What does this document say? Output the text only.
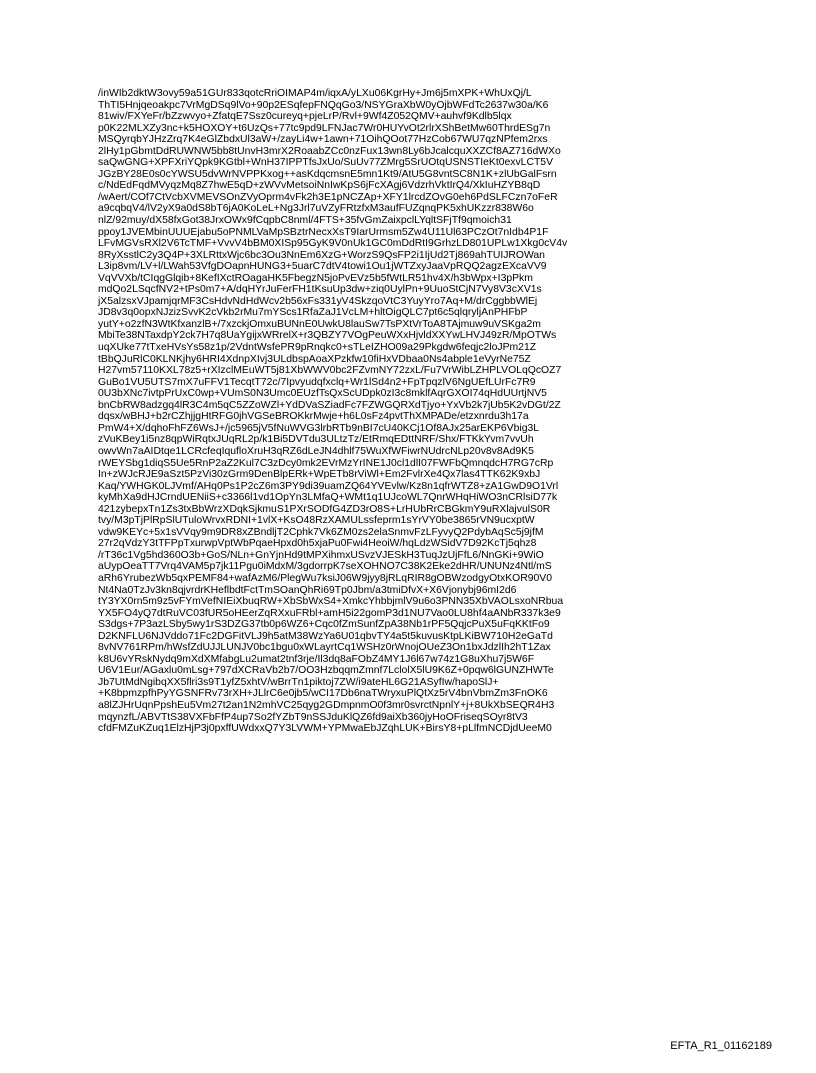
/inWIb2dktW3ovy59a51GUr833qotcRriOIMAP4m/iqxA/yLXu06KgrHy+Jm6j5mXPK+WhUxQj/L
ThTI5Hnjqeoakpc7VrMgDSq9lVo+90p2ESqfepFNQqGo3/NSYGraXbW0yOjbWFdTc2637w30a/K6
81wiv/FXYeFr/bZzwvyo+ZfatqE7Ssz0cureyq+pjeLrP/Rvl+9Wf4Z052QMV+auhvf9Kdlb5lqx
p0K22MLXZy3nc+k5HOXOY+t6UzQs+77tc9pd9LFNJac7Wr0HUYvOt2rlrXShBetMw60ThrdESg7n
MSQyrqbYJHzZrq7K4eGlZbdxUl3aW+/zayLi4w+1awn+71OihQOot77HzCob67WU7qzNPfem2rxs
2lHy1pGbmtDdRUWNW5bb8tUnvH3mrX2RoaabZCc0nzFux13wn8Ly6bJcalcquXXZCf8AZ716dWXo
saQwGNG+XPFXriYQpk9KGtbl+WnH37IPPTfsJxUo/SuUv77ZMrg5SrUOtqUSNSTIeKt0exvLCT5V
JGzBY28E0s0cYWSU5dvWrNVPPKxog++asKdqcmsnE5mn1Kt9/AtU5G8vntSC8N1K+zlUbGalFsrn
c/NdEdFqdMVyqzMq8Z7hwE5qD+zWVvMetsoiNnIwKpS6jFcXAgj6VdzrhVktIrQ4/XkIuHZYB8qD
/wAert/COf7CtVcbXVMEVSOnZVyOprm4vFk2h3E1pNCZAp+XFY1lrcdZOvG0eh6PdSLFCzn7oFeR
a9cqbqV4/lV2yX9a0dS8bT6jA0KoLeL+Ng3Jrl7uVZyFRtzfxM3aufFUZqnqPK5xhUKzzr838W6o
nlZ/92muy/dX58fxGot38JrxOWx9fCqpbC8nml/4FTS+35fvGmZaixpclLYqltSFjTf9qmoich31
ppoy1JVEMbinUUUEjabu5oPNMLVaMpSBztrNecxXsT9IarUrmsm5Zw4U11Ul63PCzOt7nIdb4P1F
LFvMGVsRXl2V6TcTMF+VvvV4bBM0XISp95GyK9V0nUk1GC0mDdRtI9GrhzLD801UPLw1Xkg0cV4v
8RyXsstlC2y3Q4P+3XLRttxWjc6bc3Ou3NnEm6XzG+WorzS9QsFP2i1IjUd2Tj869ahTUIJROWan
L3ip8vm/LV+l/LWah53VfgDOapnHUNG3+5uarC7dtV4towi1Ou1jWTZxyJaaVpRQQ2agzEXcaVV9
VqVVXb/tCIqgGlqib+8KefIXctROagaHK5FbegzN5joPvEVz5b5fWtLR51hv4X/h3bWpx+I3pPkm
mdQo2LSqcfNV2+tPs0m7+A/dqHYrJuFerFH1tKsuUp3dw+ziq0UylPn+9UuoStCjN7Vy8V3cXV1s
jX5alzsxVJpamjqrMF3CsHdvNdHdWcv2b56xFs331yV4SkzqoVtC3YuyYro7Aq+M/drCggbbWlEj
JD8v3q0opxNJzizSvvK2cVkb2rMu7mYScs1RfaZaJ1VcLM+hltOigQLC7pt6c5qlqryljAnPHFbP
yutY+o2zfN3WtKfxanzlB+/7xzckjOmxuBUNnE0UwkU8lauSw7TsPXtVrToA8TAjmuw9uVSKga2m
MbiTe38NTaxdpY2ck7H7q8UaYgijxWRrelX+r3QBZY7VOgPeuWXxHjvldXXYwLHVJ49zR/MpOTWs
uqXUke77tTxeHVsYs58z1p/2VdntWsfePR9pRnqkc0+sTLeIZHO09a29Pkgdw6feqjc2loJPm21Z
tBbQJuRlC0KLNKjhy6HRI4XdnpXIvj3ULdbspAoaXPzkfw10fiHxVDbaa0Ns4abple1eVyrNe75Z
H27vm57110KXL78z5+rXIzclMEuWT5j81XbWWV0bc2FZvmNY72zxL/Fu7VrWibLZHPLVOLqQcOZ7
GuBo1VU5UTS7mX7uFFV1TecqtT72c/7Ipvyudqfxclq+Wr1lSd4n2+FpTpqzlV6NgUEfLUrFc7R9
0U3bXNc7ivtpPrUxC0wp+VUmS0N3Umc0EUzfTsQxScUDpk0zI3c8mklfAqrGXOI74qHdUUrtjNV5
bnCbRW8adzgq4lR3C4m5qC5ZZoWZl+YdDVaSZiadFc7FZWGQRXdTjyo+YxVb2k7jUb5K2vDGt/2Z
dqsx/wBHJ+b2rCZhjjgHtRFG0jhVGSeBROKkrMwje+h6L0sFz4pvtThXMPADe/etzxnrdu3h17a
PmW4+X/dqhoFhFZ6WsJ+/jc5965jV5fNuWVG3lrbRTb9nBI7cU40KCj1Of8AJx25arEKP6Vbig3L
zVuKBey1i5nz8qpWiRqtxJUqRL2p/k1Bi5DVTdu3ULtzTz/EtRmqEDttNRF/Shx/FTKkYvm7vvUh
owvWn7aAIDtqe1LCRcfeqIqufloXruH3qRZ6dLeJN4dhlf75WuXfWFiwrNUdrcNLp20v8v8Ad9K5
rWEYSbg1diqS5Ue5RnP2aZ2Kul7C3zDcy0mk2EVrMzYrINE1J0cl1dlI07FWFbQmnqdcH7RG7cRp
In+zWJcRJE9aSzt5PzVi30zGrm9DenBlpERk+WpETb8rViWl+Em2FvlrXe4Qx7las4TTK62K9xbJ
Kaq/YWHGK0LJVmf/AHq0Ps1P2cZ6m3PY9di39uamZQ64YVEvlw/Kz8n1qfrWTZ8+zA1GwD9O1Vrl
kyMhXa9dHJCrndUENiiS+c3366l1vd1OpYn3LMfaQ+WMt1q1UJcoWL7QnrWHqHiWO3nCRlsiD77k
421zybepxTn1Zs3txBbWrzXDqkSjkmuS1PXrSODfG4ZD3rO8S+LrHUbRrCBGkmY9uRXlajvulS0R
tvy/M3pTjPlRpSlUTuloWrvxRDNI+1vlX+KsO48RzXAMULssfeprm1sYrVY0be3865rVN9ucxptW
vdw9KEYc+5x1sVVqy9m9DR8xZBndljT2Cphk7Vk6ZM0zs2elaSnmvFzLFyvyQ2PdybAqSc5j9jfM
27r2qVdzY3tTFPpTxurwpVptWbPqaeHpxd0h5xjaPu0Fwi4HeoiW/hqLdzWSidV7D92KcTj5qhz8
/rT36c1Vg5hd360O3b+GoS/NLn+GnYjnHd9tMPXihmxUSvzVJESkH3TuqJzUjFfL6/NnGKi+9WiO
aUypOeaTT7Vrq4VAM5p7jk11Pgu0iMdxM/3gdorrpK7seXOHNO7C38K2Eke2dHR/UNUNz4Ntl/mS
aRh6YrubezWb5qxPEMF84+wafAzM6/PlegWu7ksiJ06W9jyy8jRLqRIR8gOBWzodgyOtxKOR90V0
Nt4Na0TzJv3kn8qjvrdrKHeflbdtFctTmSOanQhRi69Tp0Jbm/a3tmiDfvX+X6Vjonybj96mI2d6
tY3YX0rn5m9z5vFYmVefNIEiXbuqRW+XbSbWxS4+XmkcYhbbjmlV9u6o3PNN35XbVAOLsxoNRbua
YX5FO4yQ7dtRuVC03fUR5oHEerZqRXxuFRbl+amH5i22gomP3d1NU7Vao0LU8hf4aANbR337k3e9
S3dgs+7P3azLSby5wy1rS3DZG37tb0p6WZ6+Cqc0fZmSunfZpA38Nb1rPF5QqjcPuX5uFqKKtFo9
D2KNFLU6NJVddo71Fc2DGFitVLJ9h5atM38WzYa6U01qbvTY4a5t5kuvusKtpLKiBW710H2eGaTd
8vNV761RPm/hWsfZdUJJLUNJV0bc1bgu0xWLayrtCq1WSHz0rWnojOUeZ3On1bxJdzlIh2hT1Zax
k8U6vYRskNydq9mXdXMfabgLu2umat2tnf3rje/Il3dq8aFObZ4MY1J6l67w74z1G8uXhu7j5W6F
U6V1Eur/AGaxlu0mLsg+797dXCRaVb2b7/OO3HzbqqmZmnf7LclolX5lU9K6Z+0pqw6lGUNZHWTe
Jb7UtMdNgibqXX5flri3s9T1yfZ5xhtV/wBrrTn1piktoj7ZW/i9ateHL6G21ASyfIw/hapoSlJ+
+K8bpmzpfhPyYGSNFRv73rXH+JLlrC6e0jb5/wCI17Db6naTWryxuPlQtXz5rV4bnVbmZm3FnOK6
a8lZJHrUqnPpshEu5Vm27t2an1N2mhVC25qyg2GDmpnmO0f3mr0svrctNpnlY+j+8UkXbSEQR4H3
mqynzfL/ABVTtS38VXFbFfP4up7So2fYZbT9nSSJduKlQZ6fd9aiXb360jyHoOFriseqSOyr8tV3
cfdFMZuKZuq1ElzHjP3j0pxffUWdxxQ7Y3LVWM+YPMwaEbJZqhLUK+BirsY8+pLlfmNCDjdUeeM0
EFTA_R1_01162189
